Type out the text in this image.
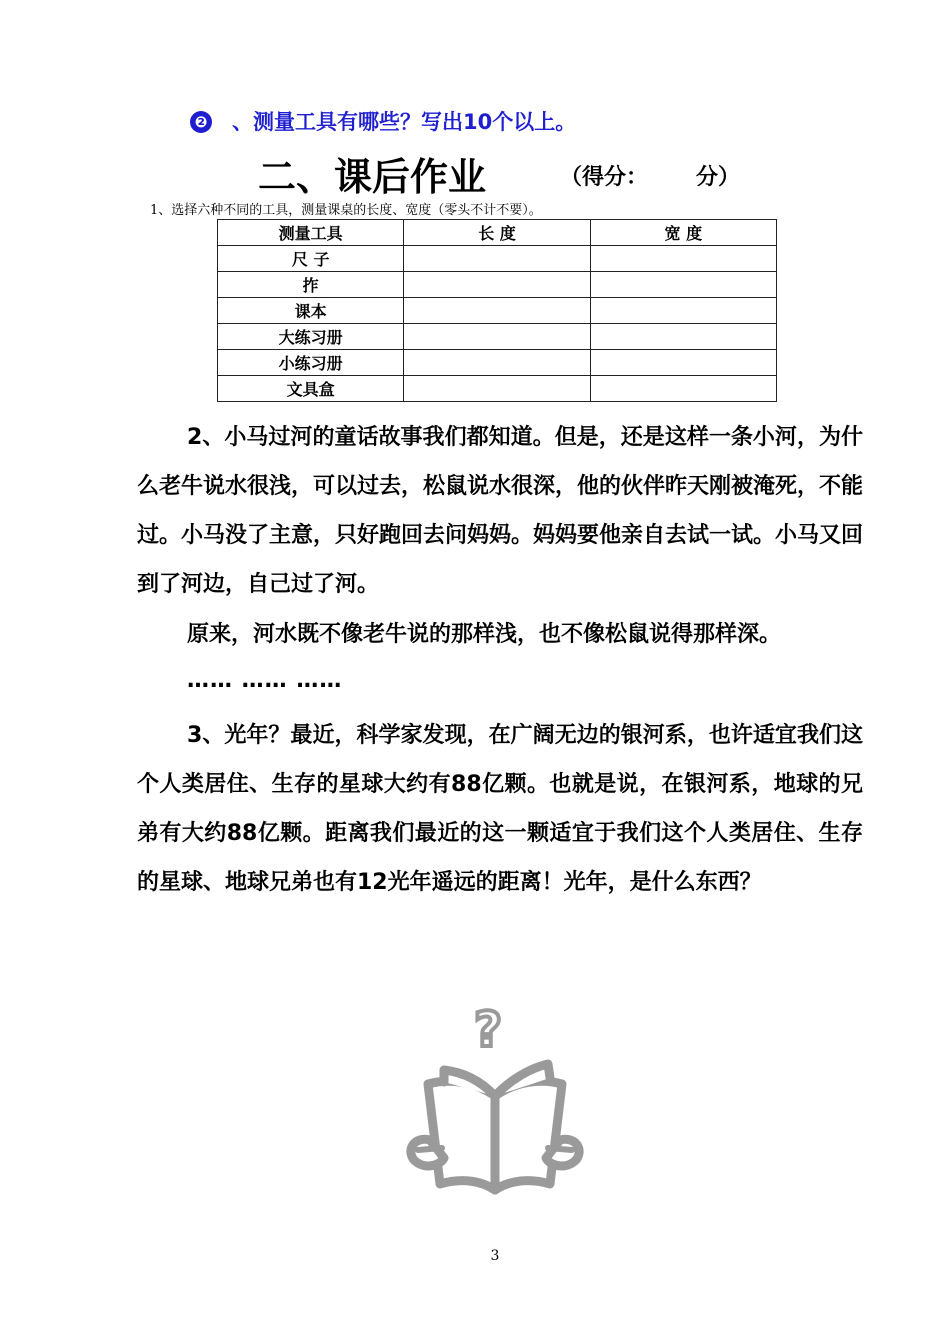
❷ 、测量工具有哪些？写出10个以上。
二、课后作业	（得分： 分）
1、选择六种不同的工具，测量课桌的长度、宽度（零头不计不要）。
测量工具	长 度	宽 度
尺 子		
拃		
课本		
大练习册		
小练习册		
文具盒		
2、小马过河的童话故事我们都知道。但是，还是这样一条小河，为什么老牛说水很浅，可以过去，松鼠说水很深，他的伙伴昨天刚被淹死，不能过。小马没了主意，只好跑回去问妈妈。妈妈要他亲自去试一试。小马又回到了河边，自己过了河。
原来，河水既不像老牛说的那样浅，也不像松鼠说得那样深。
…… …… ……
3、光年？最近，科学家发现，在广阔无边的银河系，也许适宜我们这个人类居住、生存的星球大约有88亿颗。也就是说，在银河系，地球的兄弟有大约88亿颗。距离我们最近的这一颗适宜于我们这个人类居住、生存的星球、地球兄弟也有12光年遥远的距离！光年，是什么东西？
?
3
